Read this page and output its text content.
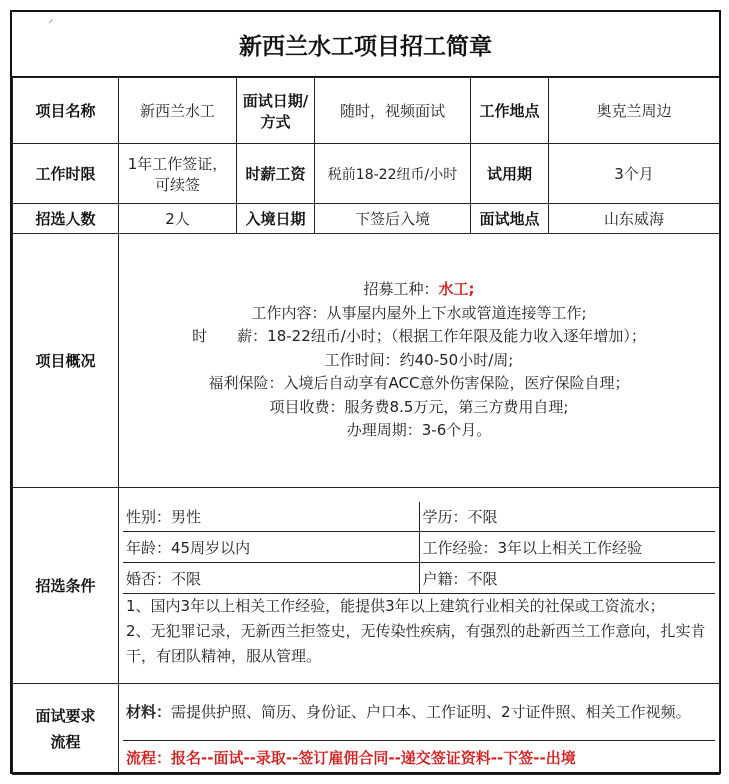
⸍
新西兰水工项目招工简章
项目名称	新西兰水工	面试日期/方式	随时，视频面试	工作地点	奥克兰周边
工作时限	1年工作签证，可续签	时薪工资	税前18-22纽币/小时	试用期	3个月
招选人数	2人	入境日期	下签后入境	面试地点	山东威海
项目概况	
招募工种：水工;
工作内容：从事屋内屋外上下水或管道连接等工作;
时　　薪：18-22纽币/小时；（根据工作年限及能力收入逐年增加）；
工作时间：约40-50小时/周;
福利保险：入境后自动享有ACC意外伤害保险，医疗保险自理；
项目收费：服务费8.5万元，第三方费用自理;
办理周期：3-6个月。

招选条件	
性别：男性	学历：不限
年龄：45周岁以内	工作经验：3年以上相关工作经验
婚否：不限	户籍：不限

1、国内3年以上相关工作经验，能提供3年以上建筑行业相关的社保或工资流水；
2、无犯罪记录，无新西兰拒签史，无传染性疾病，有强烈的赴新西兰工作意向，扎实肯干，有团队精神，服从管理。

面试要求流程	
材料：需提供护照、简历、身份证、户口本、工作证明、2寸证件照、相关工作视频。
流程：报名--面试--录取--签订雇佣合同--递交签证资料--下签--出境
